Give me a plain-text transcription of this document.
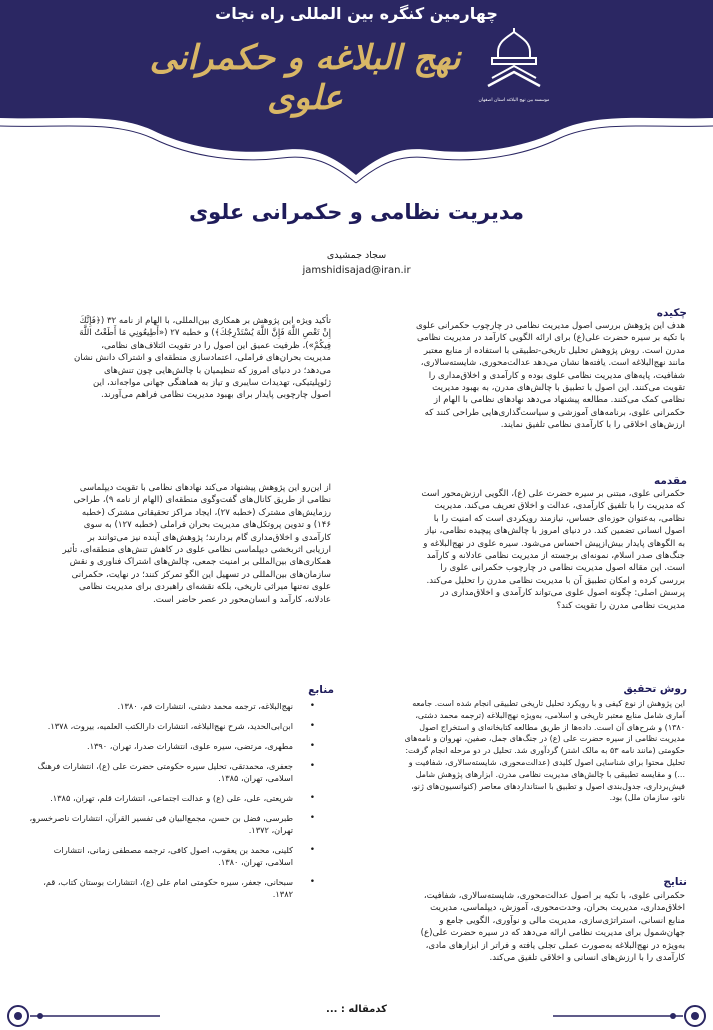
چهارمین کنگره بین المللی راه نجات
نهج البلاغه و حکمرانی علوی	موسسه بین نهج البلاغه استان اصفهان
مدیریت نظامی و حکمرانی علوی
سجاد جمشیدی
jamshidisajad@iran.ir
چکیده
هدف این پژوهش بررسی اصول مدیریت نظامی در چارچوب حکمرانی علوی
با تکیه بر سیره حضرت علی(ع) برای ارائه الگویی کارآمد در مدیریت نظامی
مدرن است. روش پژوهش تحلیل تاریخی-تطبیقی با استفاده از منابع معتبر
مانند نهج‌البلاغه است. یافته‌ها نشان می‌دهد عدالت‌محوری، شایسته‌سالاری،
شفافیت، پایه‌های مدیریت نظامی علوی بوده و کارآمدی و اخلاق‌مداری را
تقویت می‌کنند. این اصول با تطبیق با چالش‌های مدرن، به بهبود مدیریت
نظامی کمک می‌کنند. مطالعه پیشنهاد می‌دهد نهادهای نظامی با الهام از
حکمرانی علوی، برنامه‌های آموزشی و سیاست‌گذاری‌هایی طراحی کنند که
ارزش‌های اخلاقی را با کارآمدی نظامی تلفیق نمایند.
مقدمه
حکمرانی علوی، مبتنی بر سیره حضرت علی (ع)، الگویی ارزش‌محور است
که مدیریت را با تلفیق کارآمدی، عدالت و اخلاق تعریف می‌کند. مدیریت
نظامی، به‌عنوان حوزه‌ای حساس، نیازمند رویکردی است که امنیت را با
اصول انسانی تضمین کند. در دنیای امروز با چالش‌های پیچیده نظامی، نیاز
به الگوهای پایدار بیش‌ازپیش احساس می‌شود. سیره علوی در نهج‌البلاغه و
جنگ‌های صدر اسلام، نمونه‌ای برجسته از مدیریت نظامی عادلانه و کارآمد
است. این مقاله اصول مدیریت نظامی در چارچوب حکمرانی علوی را
بررسی کرده و امکان تطبیق آن با مدیریت نظامی مدرن را تحلیل می‌کند.
پرسش اصلی: چگونه اصول علوی می‌تواند کارآمدی و اخلاق‌مداری در
مدیریت نظامی مدرن را تقویت کند؟
روش تحقیق
این پژوهش از نوع کیفی و با رویکرد تحلیل تاریخی تطبیقی انجام شده است. جامعه
آماری شامل منابع معتبر تاریخی و اسلامی، به‌ویژه نهج‌البلاغه (ترجمه محمد دشتی،
۱۳۸۰) و شرح‌های آن است. داده‌ها از طریق مطالعه کتابخانه‌ای و استخراج اصول
مدیریت نظامی از سیره حضرت علی (ع) در جنگ‌های جمل، صفین، نهروان و نامه‌های
حکومتی (مانند نامه ۵۳ به مالک اشتر) گردآوری شد. تحلیل در دو مرحله انجام گرفت:
تحلیل محتوا برای شناسایی اصول کلیدی (عدالت‌محوری، شایسته‌سالاری، شفافیت و
...) و مقایسه تطبیقی با چالش‌های مدیریت نظامی مدرن. ابزارهای پژوهش شامل
فیش‌برداری، جدول‌بندی اصول و تطبیق با استانداردهای معاصر (کنوانسیون‌های ژنو،
ناتو، سازمان ملل) بود.
نتایج
حکمرانی علوی، با تکیه بر اصول عدالت‌محوری، شایسته‌سالاری، شفافیت،
اخلاق‌مداری، مدیریت بحران، وحدت‌محوری، آموزش، دیپلماسی، مدیریت
منابع انسانی، استراتژی‌سازی، مدیریت مالی و نوآوری، الگویی جامع و
جهان‌شمول برای مدیریت نظامی ارائه می‌دهد که در سیره حضرت علی(ع)
به‌ویژه در نهج‌البلاغه به‌صورت عملی تجلی یافته و فراتر از ابزارهای مادی،
کارآمدی را با ارزش‌های انسانی و اخلاقی تلفیق می‌کند.
تأکید ویژه این پژوهش بر همکاری بین‌المللی، با الهام از نامه ۳۲ (﴿فَإِنَّكَ
إِنْ تَعْصِ اللَّهَ فَإِنَّ اللَّهَ يُسْتَدْرِجُكَ﴾) و خطبه ۲۷ («أَطِيعُونِي مَا أَطَعْتُ اللَّهَ
فِيكُمْ»)، ظرفیت عمیق این اصول را در تقویت ائتلاف‌های نظامی،
مدیریت بحران‌های فراملی، اعتمادسازی منطقه‌ای و اشتراک دانش نشان
می‌دهد؛ در دنیای امروز که تنظیمیان با چالش‌هایی چون تنش‌های
ژئوپلیتیکی، تهدیدات سایبری و تیاز به هماهنگی جهانی مواجه‌اند، این
اصول چارچوبی پایدار برای بهبود مدیریت نظامی فراهم می‌آورند.
از این‌رو این پژوهش پیشنهاد می‌کند نهادهای نظامی با تقویت دیپلماسی
نظامی از طریق کانال‌های گفت‌وگوی منطقه‌ای (الهام از نامه ۹)، طراحی
رزمایش‌های مشترک (خطبه ۲۷)، ایجاد مراکز تحقیقاتی مشترک (خطبه
۱۴۶) و تدوین پروتکل‌های مدیریت بحران فراملی (خطبه ۱۲۷) به سوی
کارآمدی و اخلاق‌مداری گام بردارند؛ پژوهش‌های آینده نیز می‌توانند بر
ارزیابی اثربخشی دیپلماسی نظامی علوی در کاهش تنش‌های منطقه‌ای، تأثیر
همکاری‌های بین‌المللی بر امنیت جمعی، چالش‌های اشتراک فناوری و نقش
سازمان‌های بین‌المللی در تسهیل این الگو تمرکز کنند؛ در نهایت، حکمرانی
علوی نه‌تنها میراثی تاریخی، بلکه نقشه‌ای راهبردی برای مدیریت نظامی
عادلانه، کارآمد و انسان‌محور در عصر حاضر است.
منابع
•
نهج‌البلاغه، ترجمه محمد دشتی، انتشارات قم، ۱۳۸۰.
•
ابن‌ابی‌الحدید، شرح نهج‌البلاغه، انتشارات دارالکتب العلمیه، بیروت، ۱۳۷۸.
•
مطهری، مرتضی، سیره علوی، انتشارات صدرا، تهران، ۱۳۹۰.
•
جعفری، محمدتقی، تحلیل سیره حکومتی حضرت علی (ع)، انتشارات فرهنگ اسلامی، تهران، ۱۳۸۵.
•
شریعتی، علی، علی (ع) و عدالت اجتماعی، انتشارات قلم، تهران، ۱۳۸۵.
•
طبرسی، فضل بن حسن، مجمع‌البیان فی تفسیر القرآن، انتشارات ناصرخسرو، تهران، ۱۳۷۲.
•
کلینی، محمد بن یعقوب، اصول کافی، ترجمه مصطفی زمانی، انتشارات اسلامی، تهران، ۱۳۸۰.
•
سبحانی، جعفر، سیره حکومتی امام علی (ع)، انتشارات بوستان کتاب، قم، ۱۳۸۲.
کدمقاله : ...
